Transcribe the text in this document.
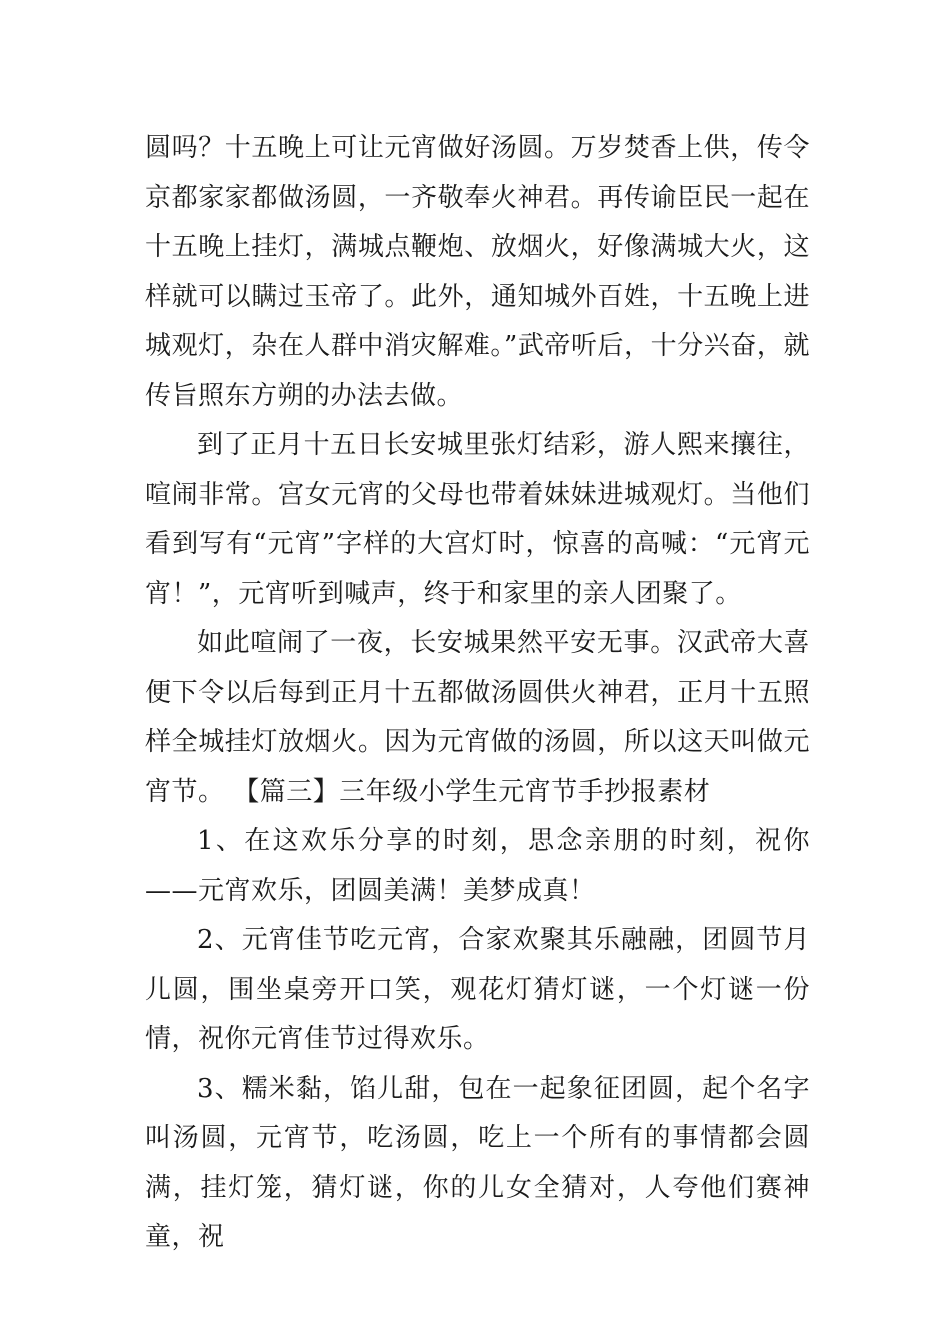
圆吗？十五晚上可让元宵做好汤圆。万岁焚香上供，传令京都家家都做汤圆，一齐敬奉火神君。再传谕臣民一起在十五晚上挂灯，满城点鞭炮、放烟火，好像满城大火，这样就可以瞒过玉帝了。此外，通知城外百姓，十五晚上进城观灯，杂在人群中消灾解难。”武帝听后，十分兴奋，就传旨照东方朔的办法去做。

到了正月十五日长安城里张灯结彩，游人熙来攘往，喧闹非常。宫女元宵的父母也带着妹妹进城观灯。当他们看到写有“元宵”字样的大宫灯时，惊喜的高喊：“元宵元宵！”，元宵听到喊声，终于和家里的亲人团聚了。

如此喧闹了一夜，长安城果然平安无事。汉武帝大喜便下令以后每到正月十五都做汤圆供火神君，正月十五照样全城挂灯放烟火。因为元宵做的汤圆，所以这天叫做元宵节。 【篇三】三年级小学生元宵节手抄报素材

1、在这欢乐分享的时刻，思念亲朋的时刻，祝你——元宵欢乐，团圆美满！美梦成真！

2、元宵佳节吃元宵，合家欢聚其乐融融，团圆节月儿圆，围坐桌旁开口笑，观花灯猜灯谜，一个灯谜一份情，祝你元宵佳节过得欢乐。

3、糯米黏，馅儿甜，包在一起象征团圆，起个名字叫汤圆，元宵节，吃汤圆，吃上一个所有的事情都会圆满，挂灯笼，猜灯谜，你的儿女全猜对，人夸他们赛神童，祝
